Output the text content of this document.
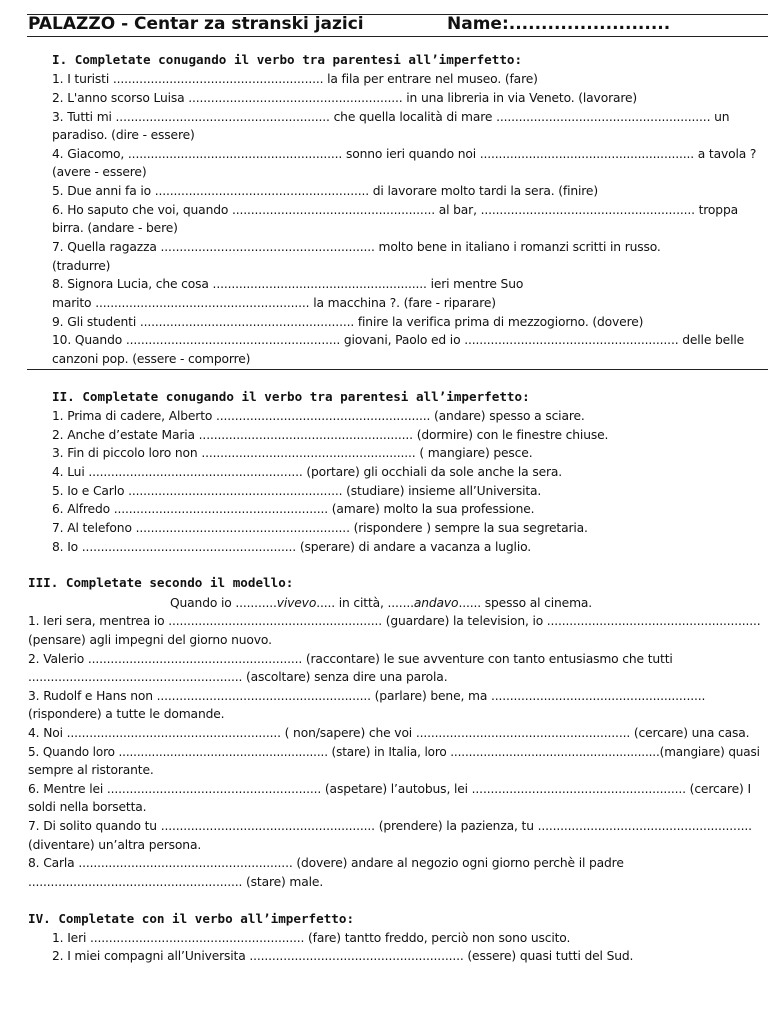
PALAZZO - Centar za stranski jazici	Name:.........................
I. Completate conugando il verbo tra parentesi all’imperfetto:
1. I turisti ........................................................ la fila per entrare nel museo. (fare)
2. L'anno scorso Luisa ......................................................... in una libreria in via Veneto. (lavorare)
3. Tutti mi ......................................................... che quella località di mare ......................................................... un
paradiso. (dire - essere)
4. Giacomo, ......................................................... sonno ieri quando noi ......................................................... a tavola ?
(avere - essere)
5. Due anni fa io ......................................................... di lavorare molto tardi la sera. (finire)
6. Ho saputo che voi, quando ...................................................... al bar, ......................................................... troppa
birra. (andare - bere)
7. Quella ragazza ......................................................... molto bene in italiano i romanzi scritti in russo.
(tradurre)
8. Signora Lucia, che cosa ......................................................... ieri mentre Suo
marito ......................................................... la macchina ?. (fare - riparare)
9. Gli studenti ......................................................... finire la verifica prima di mezzogiorno. (dovere)
10. Quando ......................................................... giovani, Paolo ed io ......................................................... delle belle
canzoni pop. (essere - comporre)
II. Completate conugando il verbo tra parentesi all’imperfetto:
1. Prima di cadere, Alberto ......................................................... (andare) spesso a sciare.
2. Anche d’estate Maria ......................................................... (dormire) con le finestre chiuse.
3. Fin di piccolo loro non ......................................................... ( mangiare) pesce.
4. Lui ......................................................... (portare) gli occhiali da sole anche la sera.
5. Io e Carlo ......................................................... (studiare) insieme all’Universita.
6. Alfredo ......................................................... (amare) molto la sua professione.
7. Al telefono ......................................................... (rispondere ) sempre la sua segretaria.
8. Io ......................................................... (sperare) di andare a vacanza a luglio.
III. Completate secondo il modello:
Quando io ...........vivevo..... in città, .......andavo...... spesso al cinema.
1. Ieri sera, mentrea io ......................................................... (guardare) la television, io .........................................................
(pensare) agli impegni del giorno nuovo.
2. Valerio ......................................................... (raccontare) le sue avventure con tanto entusiasmo che tutti
......................................................... (ascoltare) senza dire una parola.
3. Rudolf e Hans non ......................................................... (parlare) bene, ma .........................................................
(rispondere) a tutte le domande.
4. Noi ......................................................... ( non/sapere) che voi ......................................................... (cercare) una casa.
5. Quando loro ......................................................... (stare) in Italia, loro .........................................................(mangiare) quasi
sempre al ristorante.
6. Mentre lei ......................................................... (aspetare) l’autobus, lei ......................................................... (cercare) I
soldi nella borsetta.
7. Di solito quando tu ......................................................... (prendere) la pazienza, tu .........................................................
(diventare) un’altra persona.
8. Carla ......................................................... (dovere) andare al negozio ogni giorno perchè il padre
......................................................... (stare) male.
IV. Completate con il verbo all’imperfetto:
1. Ieri ......................................................... (fare) tantto freddo, perciò non sono uscito.
2. I miei compagni all’Universita ......................................................... (essere) quasi tutti del Sud.
